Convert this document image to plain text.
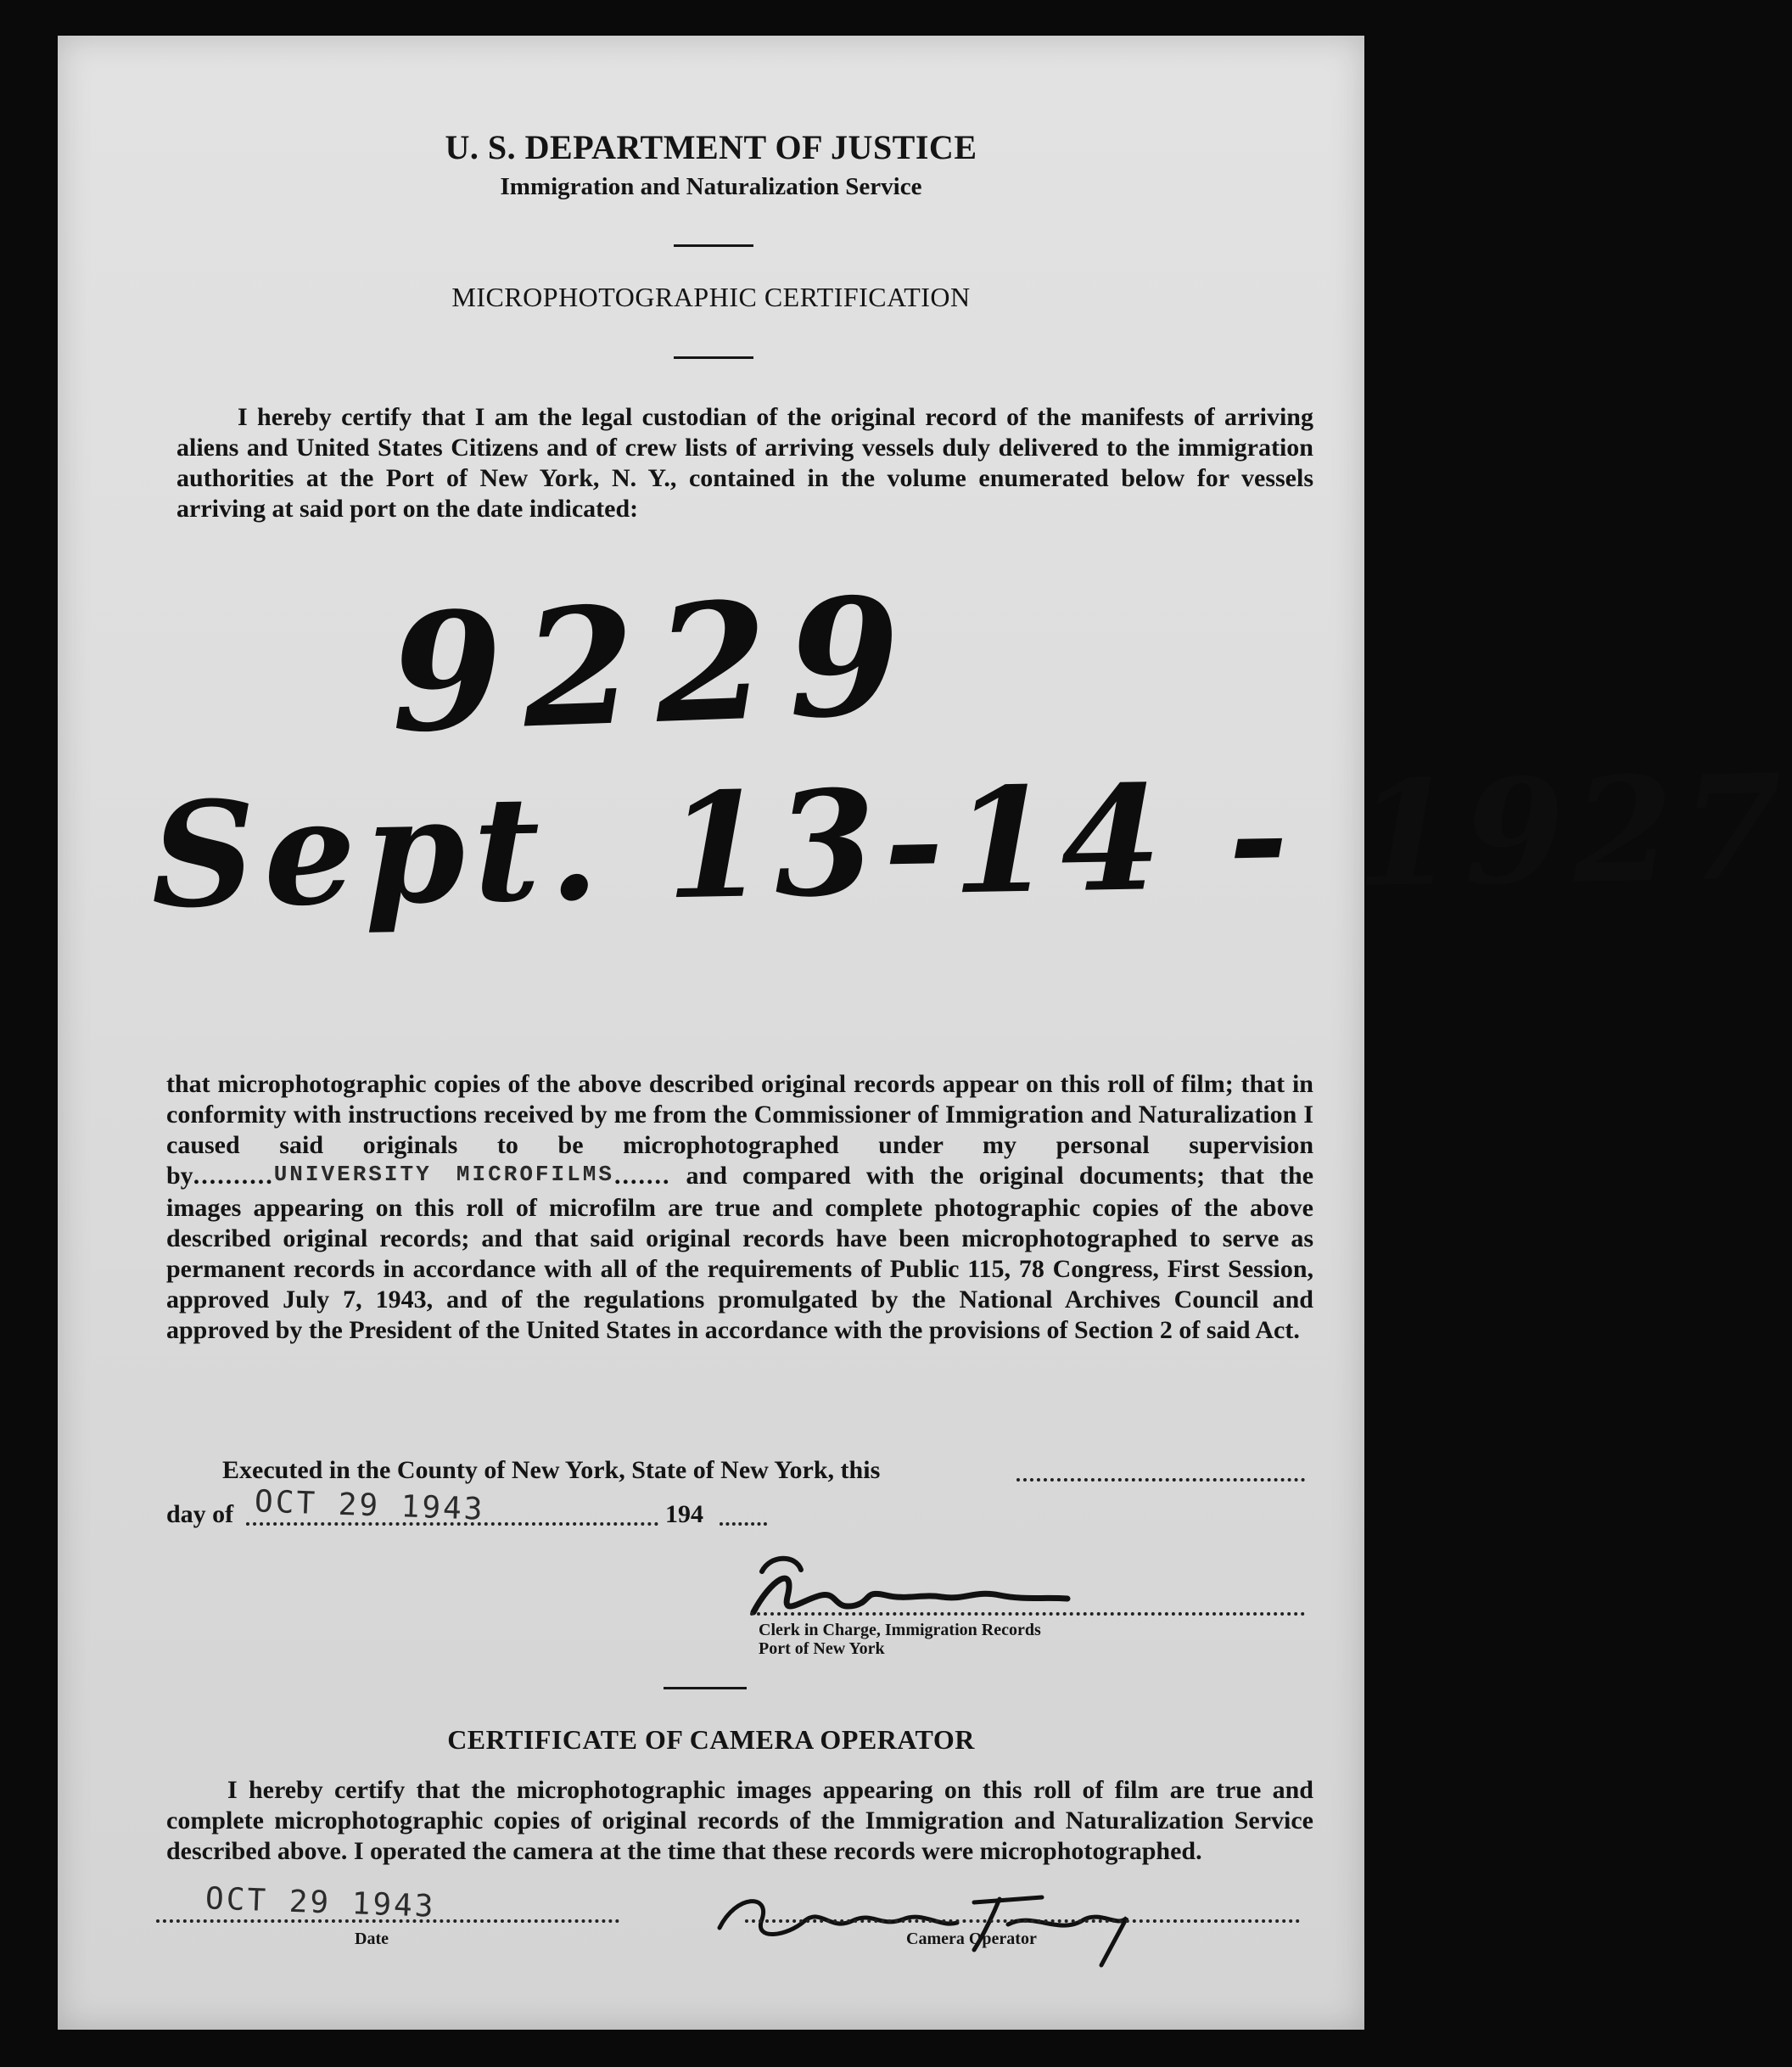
U. S. DEPARTMENT OF JUSTICE
Immigration and Naturalization Service
MICROPHOTOGRAPHIC CERTIFICATION
I hereby certify that I am the legal custodian of the original record of the manifests of arriving aliens and United States Citizens and of crew lists of arriving vessels duly delivered to the immigration authorities at the Port of New York, N. Y., contained in the volume enumerated below for vessels arriving at said port on the date indicated:
9229
Sept. 13-14 - 1927
that microphotographic copies of the above described original records appear on this roll of film; that in conformity with instructions received by me from the Commissioner of Immigration and Naturalization I caused said originals to be microphotographed under my personal supervision by..........UNIVERSITY MICROFILMS....... and compared with the original documents; that the images appearing on this roll of microfilm are true and complete photographic copies of the above described original records; and that said original records have been microphotographed to serve as permanent records in accordance with all of the requirements of Public 115, 78 Congress, First Session, approved July 7, 1943, and of the regulations promulgated by the National Archives Council and approved by the President of the United States in accordance with the provisions of Section 2 of said Act.
Executed in the County of New York, State of New York, this
day of OCT 29 1943	194
Clerk in Charge, Immigration Records
Port of New York
CERTIFICATE OF CAMERA OPERATOR
I hereby certify that the microphotographic images appearing on this roll of film are true and complete microphotographic copies of original records of the Immigration and Naturalization Service described above. I operated the camera at the time that these records were microphotographed.
OCT 29 1943
Date	Camera Operator
